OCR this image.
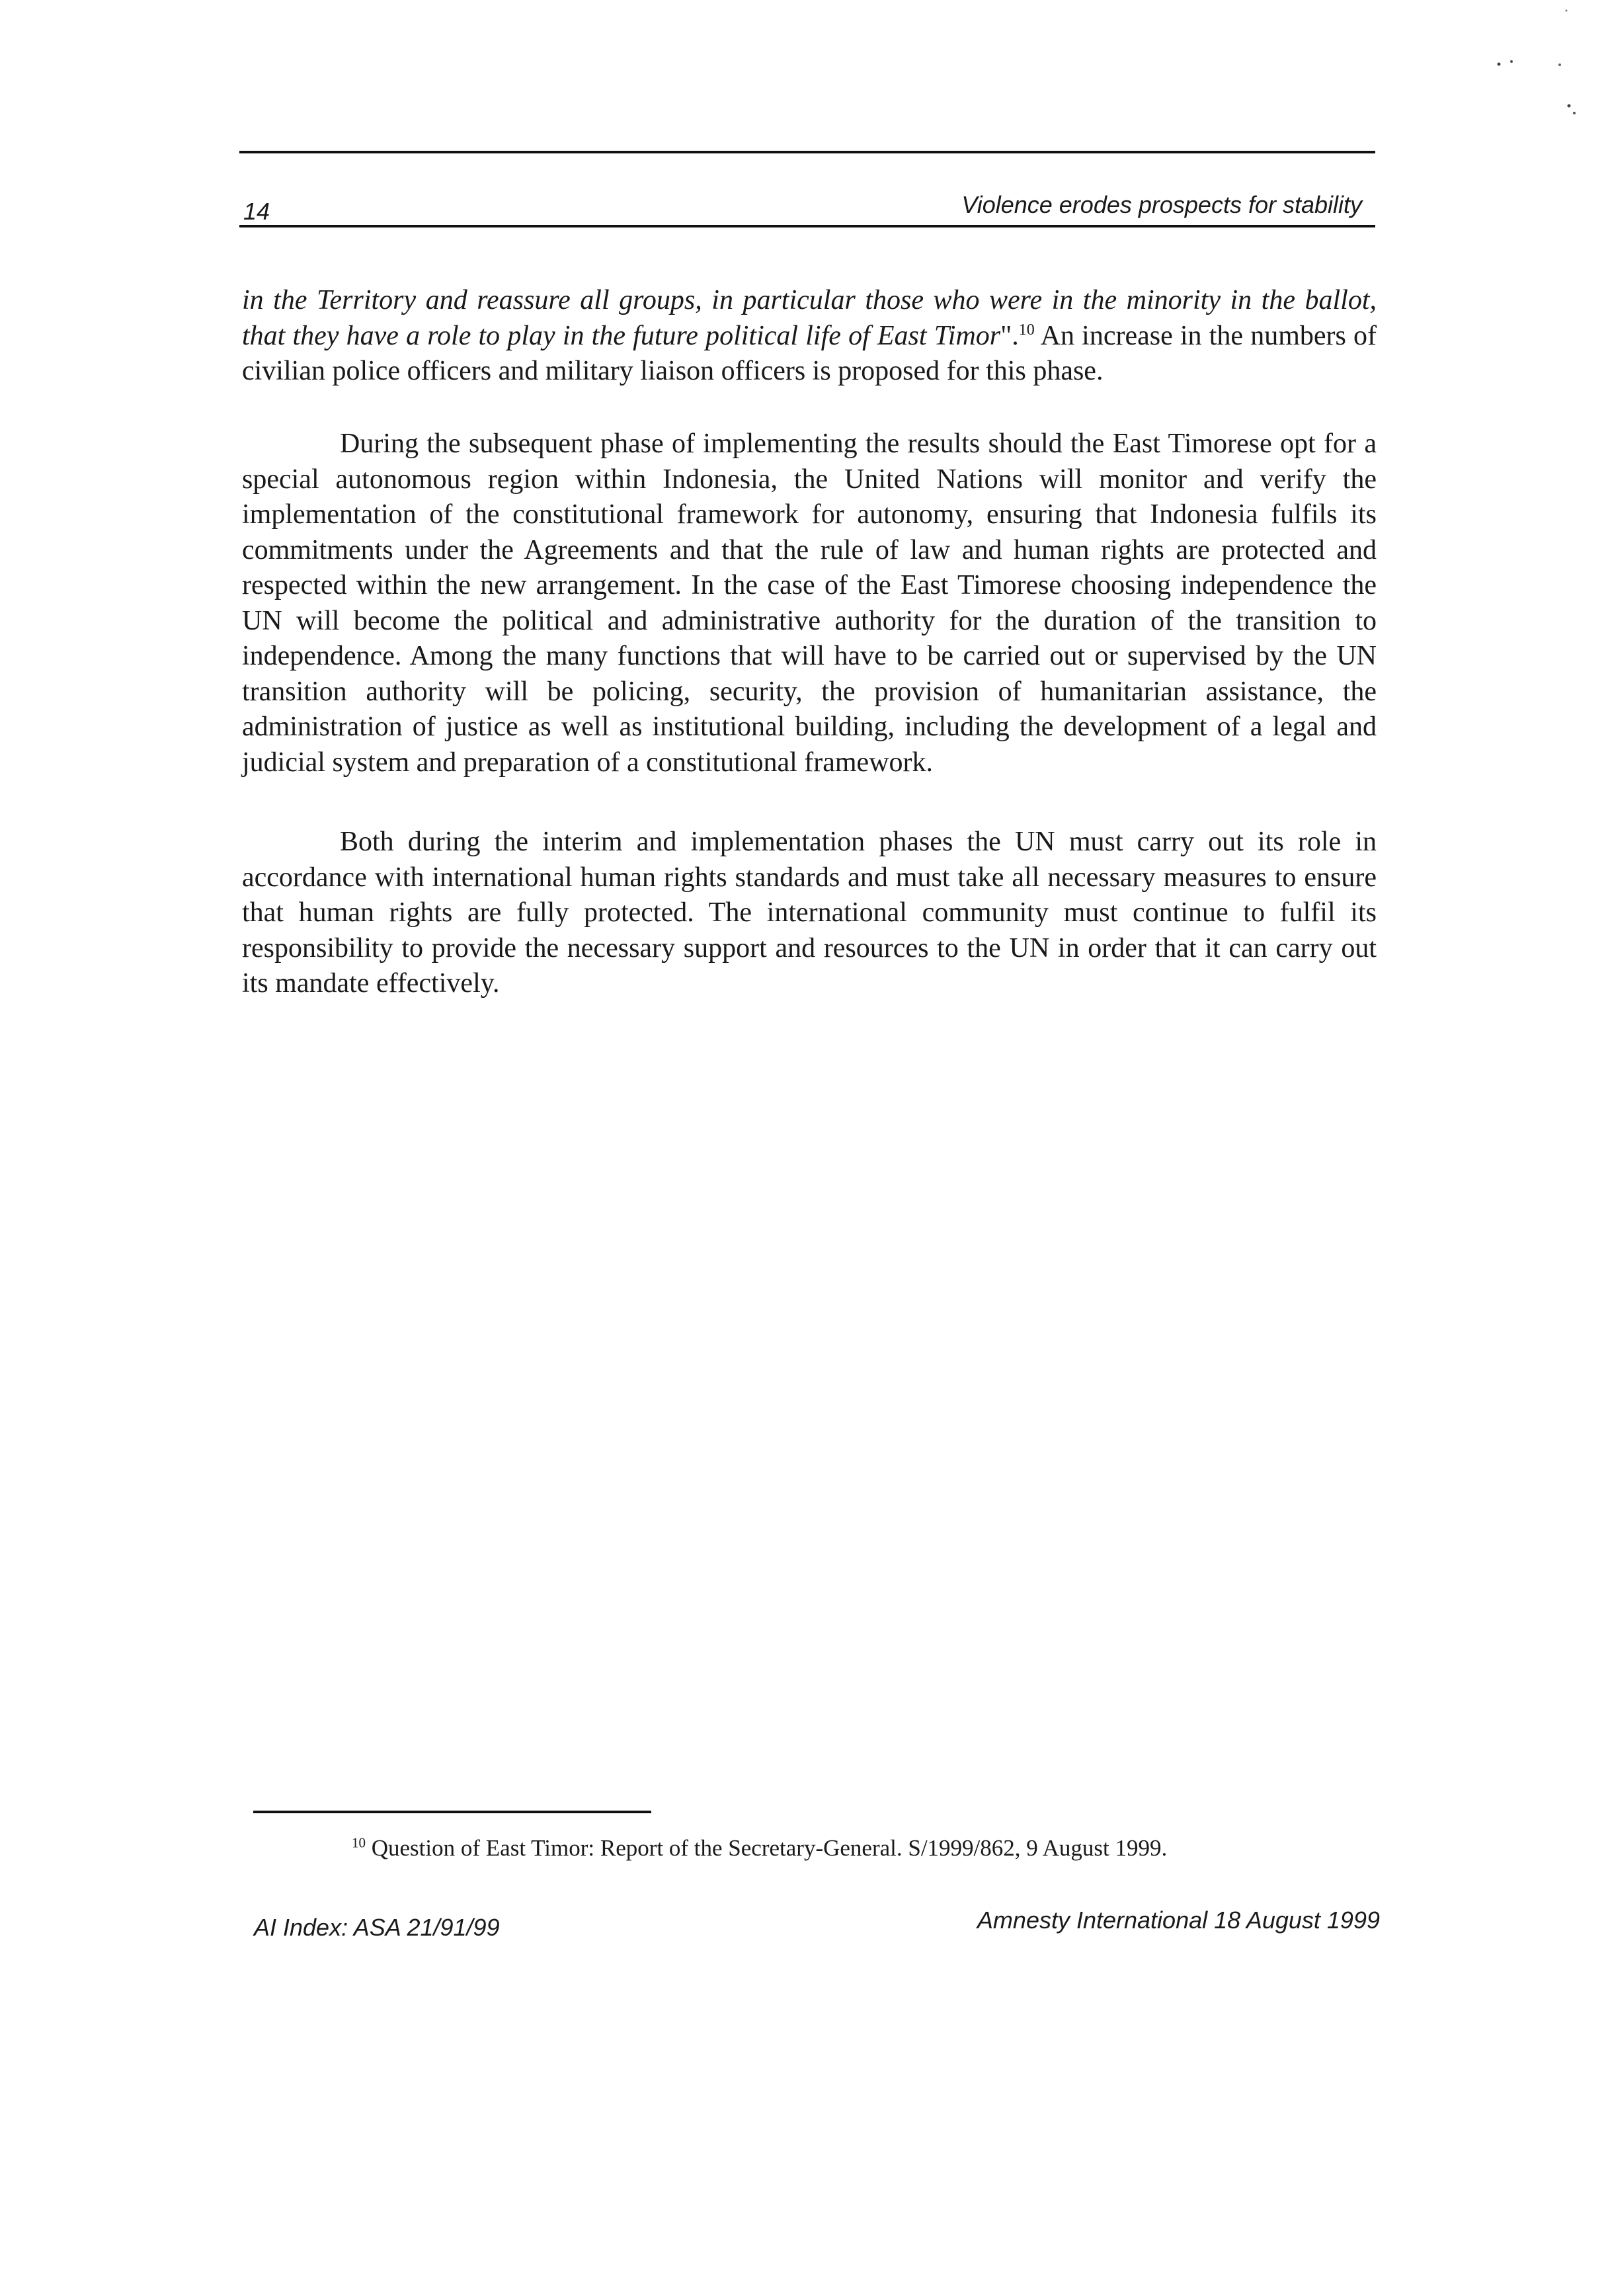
14	Violence erodes prospects for stability

in the Territory and reassure all groups, in particular those who were in the minority in the ballot, that they have a role to play in the future political life of East Timor".$^{10}$ An increase in the numbers of civilian police officers and military liaison officers is proposed for this phase.

During the subsequent phase of implementing the results should the East Timorese opt for a special autonomous region within Indonesia, the United Nations will monitor and verify the implementation of the constitutional framework for autonomy, ensuring that Indonesia fulfils its commitments under the Agreements and that the rule of law and human rights are protected and respected within the new arrangement. In the case of the East Timorese choosing independence the UN will become the political and administrative authority for the duration of the transition to independence. Among the many functions that will have to be carried out or supervised by the UN transition authority will be policing, security, the provision of humanitarian assistance, the administration of justice as well as institutional building, including the development of a legal and judicial system and preparation of a constitutional framework.

Both during the interim and implementation phases the UN must carry out its role in accordance with international human rights standards and must take all necessary measures to ensure that human rights are fully protected. The international community must continue to fulfil its responsibility to provide the necessary support and resources to the UN in order that it can carry out its mandate effectively.

$^{10}$ Question of East Timor: Report of the Secretary-General. S/1999/862, 9 August 1999.
AI Index: ASA 21/91/99	Amnesty International 18 August 1999
